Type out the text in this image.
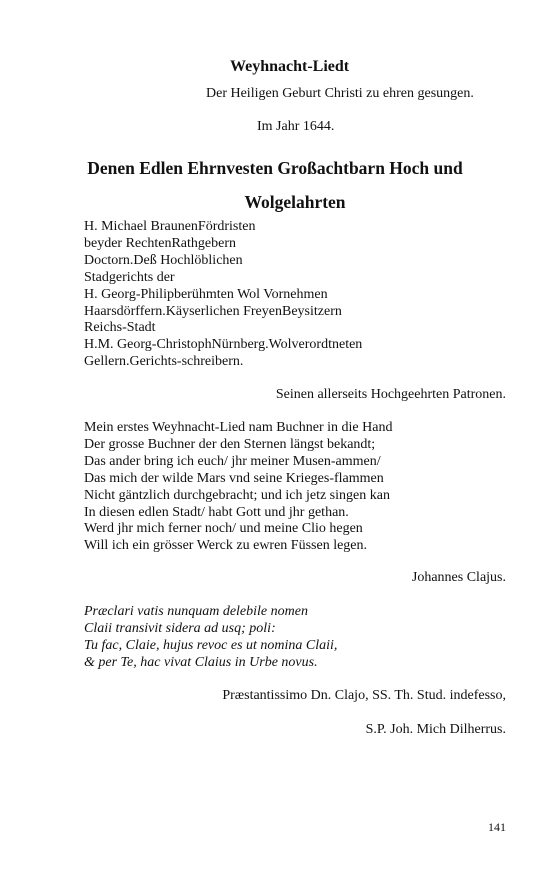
Weyhnacht-Liedt
Der Heiligen Geburt Christi zu ehren gesungen.
Im Jahr 1644.
Denen Edlen Ehrnvesten Großachtbarn Hoch und
Wolgelahrten
H. Michael BraunenFördristen
beyder RechtenRathgebern
Doctorn.Deß Hochlöblichen
Stadgerichts der
H. Georg-Philipberühmten Wol Vornehmen
Haarsdörffern.Käyserlichen FreyenBeysitzern
Reichs-Stadt
H.M. Georg-ChristophNürnberg.Wolverordtneten
Gellern.Gerichts-schreibern.
Seinen allerseits Hochgeehrten Patronen.
Mein erstes Weyhnacht-Lied nam Buchner in die Hand
Der grosse Buchner der den Sternen längst bekandt;
Das ander bring ich euch/ jhr meiner Musen-ammen/
Das mich der wilde Mars vnd seine Krieges-flammen
Nicht gäntzlich durchgebracht; und ich jetz singen kan
In diesen edlen Stadt/ habt Gott und jhr gethan.
Werd jhr mich ferner noch/ und meine Clio hegen
Will ich ein grösser Werck zu ewren Füssen legen.
Johannes Clajus.
Præclari vatis nunquam delebile nomen
Claii transivit sidera ad usq; poli:
Tu fac, Claie, hujus revoc es ut nomina Claii,
& per Te, hac vivat Claius in Urbe novus.
Præstantissimo Dn. Clajo, SS. Th. Stud. indefesso,
S.P. Joh. Mich Dilherrus.
141
